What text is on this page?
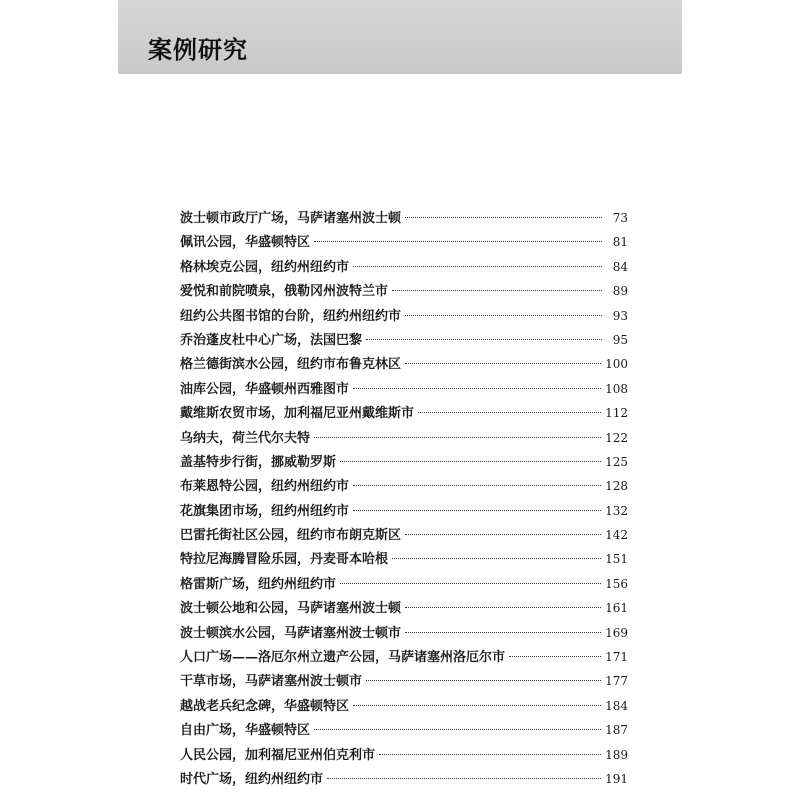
案例研究
波士顿市政厅广场，马萨诸塞州波士顿	73
佩讯公园，华盛顿特区	81
格林埃克公园，纽约州纽约市	84
爱悦和前院喷泉，俄勒冈州波特兰市	89
纽约公共图书馆的台阶，纽约州纽约市	93
乔治蓬皮杜中心广场，法国巴黎	95
格兰德街滨水公园，纽约市布鲁克林区	100
油库公园，华盛顿州西雅图市	108
戴维斯农贸市场，加利福尼亚州戴维斯市	112
乌纳夫，荷兰代尔夫特	122
盖基特步行街，挪威勒罗斯	125
布莱恩特公园，纽约州纽约市	128
花旗集团市场，纽约州纽约市	132
巴雷托街社区公园，纽约市布朗克斯区	142
特拉尼海腾冒险乐园，丹麦哥本哈根	151
格雷斯广场，纽约州纽约市	156
波士顿公地和公园，马萨诸塞州波士顿	161
波士顿滨水公园，马萨诸塞州波士顿市	169
人口广场——洛厄尔州立遗产公园，马萨诸塞州洛厄尔市	171
干草市场，马萨诸塞州波士顿市	177
越战老兵纪念碑，华盛顿特区	184
自由广场，华盛顿特区	187
人民公园，加利福尼亚州伯克利市	189
时代广场，纽约州纽约市	191
